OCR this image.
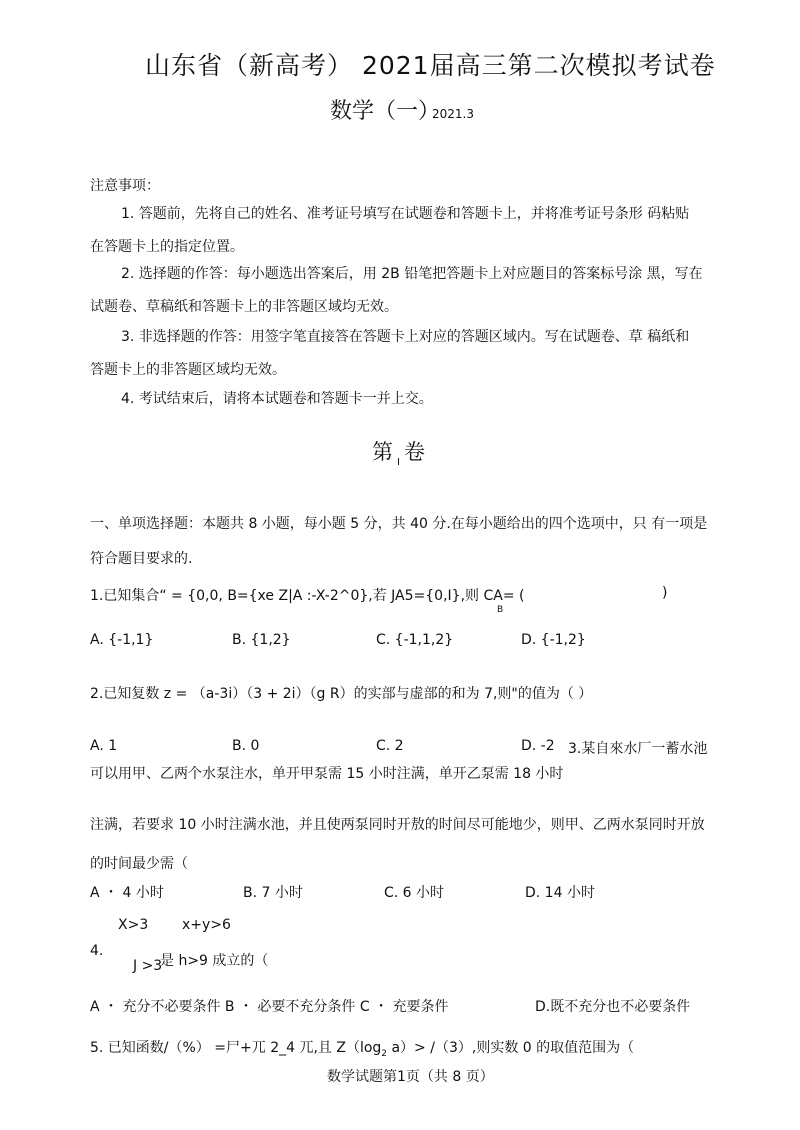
山东省（新高考） 2021届高三第二次模拟考试卷
数学（一）
2021.3
注意事项：
1. 答题前，先将自己的姓名、准考证号填写在试题卷和答题卡上，并将准考证号条形 码粘贴
在答题卡上的指定位置。
2. 选择题的作答：每小题选出答案后，用 2B 铅笔把答题卡上对应题目的答案标号涂 黑，写在
试题卷、草稿纸和答题卡上的非答题区域均无效。
3. 非选择题的作答：用签字笔直接答在答题卡上对应的答题区域内。写在试题卷、草 稿纸和
答题卡上的非答题区域均无效。
4. 考试结束后，请将本试题卷和答题卡一并上交。
第 $_I$ 卷
一、单项选择题：本题共 8 小题，每小题 5 分，共 40 分.在每小题给出的四个选项中，只 有一项是
符合题目要求的.
1.已知集合“ = {0,0, B={xe Z|A :-X-2^0},若 JA5={0,I},则 CA= (	)
B
A. {-1,1}	B. {1,2}	C. {-1,1,2}	D. {-1,2}
2.已知复数 z = （a-3i）（3 + 2i）（g R）的实部与虚部的和为 7,则"的值为（ ）
A. 1	B. 0	C. 2	D. -2 3.某自來水厂一蓄水池
可以用甲、乙两个水泵注水，单开甲泵需 15 小时注满，单开乙泵需 18 小时
注满，若要求 10 小时注满水池，并且使两泵同时开敖的时间尽可能地少，则甲、乙两水泵同时开放
的时间最少需（
A ・ 4 小时	B. 7 小时	C. 6 小时	D. 14 小时
X>3 x+y>6
4.
J >3
是 h>9 成立的（
A ・ 充分不必要条件 B ・ 必要不充分条件 C ・ 充要条件	D.既不充分也不必要条件
5. 已知函数/（%） =尸+兀 2_4 兀,且 $Z(\log_2$ a）> /（3）,则实数 0 的取值范围为（
数学试题第1页（共 8 页）
